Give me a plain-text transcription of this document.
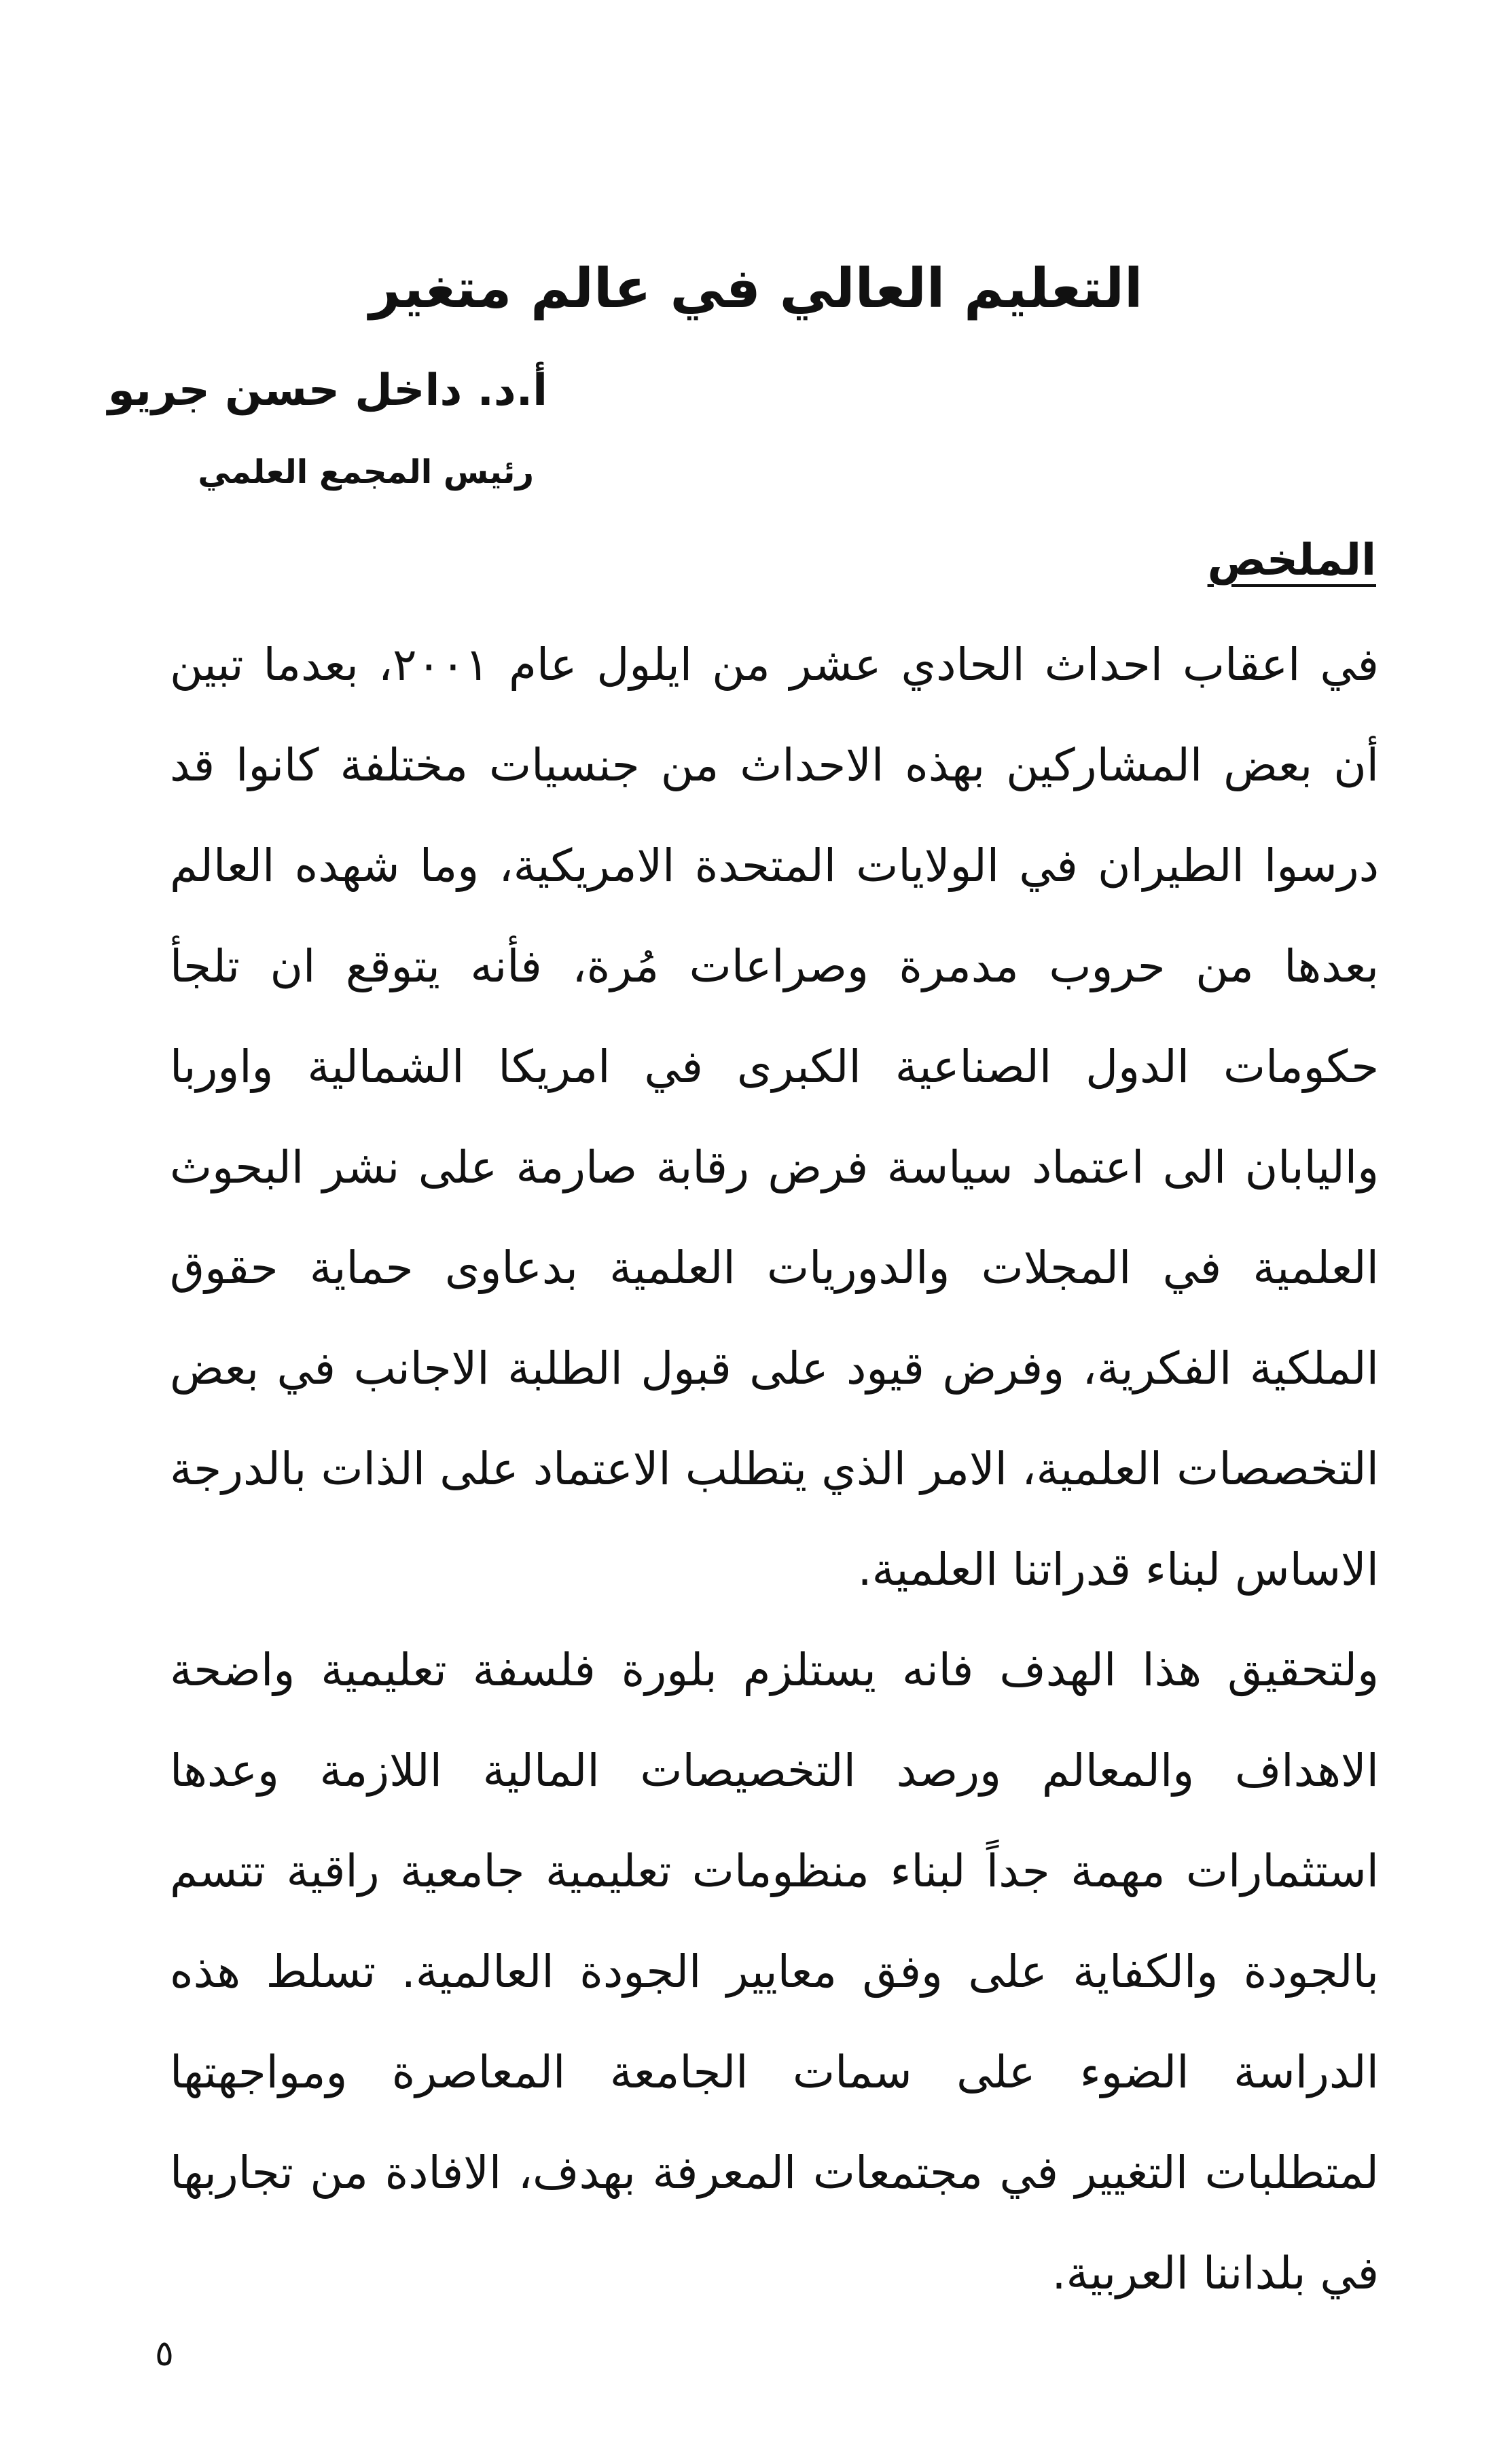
التعليم العالي في عالم متغير
أ.د. داخل حسن جريو
رئيس المجمع العلمي
الملخص

في اعقاب احداث الحادي عشر من ايلول عام ٢٠٠١، بعدما تبين أن بعض المشاركين بهذه الاحداث من جنسيات مختلفة كانوا قد درسوا الطيران في الولايات المتحدة الامريكية، وما شهده العالم بعدها من حروب مدمرة وصراعات مُرة، فأنه يتوقع ان تلجأ حكومات الدول الصناعية الكبرى في امريكا الشمالية واوربا واليابان الى اعتماد سياسة فرض رقابة صارمة على نشر البحوث العلمية في المجلات والدوريات العلمية بدعاوى حماية حقوق الملكية الفكرية، وفرض قيود على قبول الطلبة الاجانب في بعض التخصصات العلمية، الامر الذي يتطلب الاعتماد على الذات بالدرجة الاساس لبناء قدراتنا العلمية.

ولتحقيق هذا الهدف فانه يستلزم بلورة فلسفة تعليمية واضحة الاهداف والمعالم ورصد التخصيصات المالية اللازمة وعدها استثمارات مهمة جداً لبناء منظومات تعليمية جامعية راقية تتسم بالجودة والكفاية على وفق معايير الجودة العالمية. تسلط هذه الدراسة الضوء على سمات الجامعة المعاصرة ومواجهتها لمتطلبات التغيير في مجتمعات المعرفة بهدف، الافادة من تجاربها في بلداننا العربية.

٥
